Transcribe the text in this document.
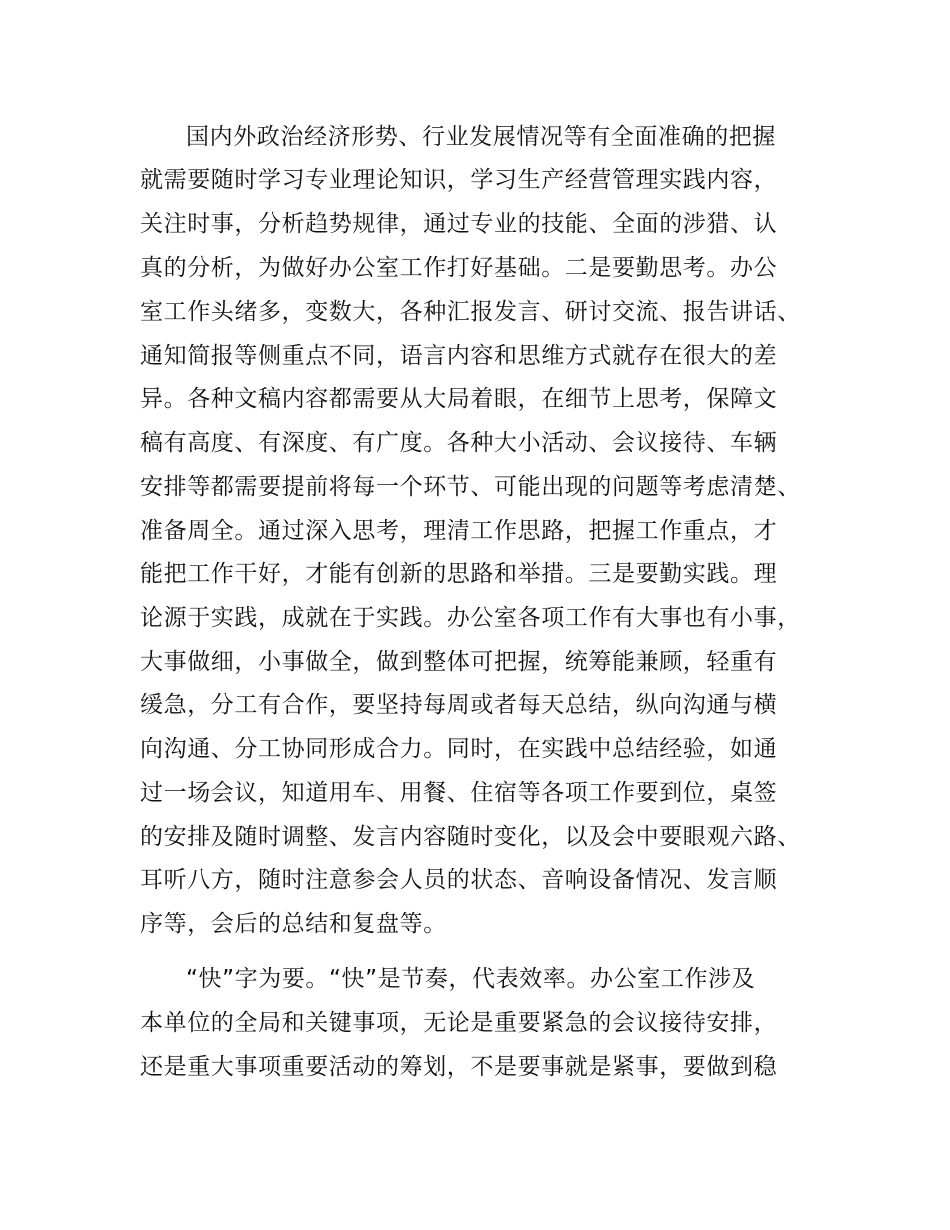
国内外政治经济形势、行业发展情况等有全面准确的把握
就需要随时学习专业理论知识，学习生产经营管理实践内容，
关注时事，分析趋势规律，通过专业的技能、全面的涉猎、认
真的分析，为做好办公室工作打好基础。二是要勤思考。办公
室工作头绪多，变数大，各种汇报发言、研讨交流、报告讲话、
通知简报等侧重点不同，语言内容和思维方式就存在很大的差
异。各种文稿内容都需要从大局着眼，在细节上思考，保障文
稿有高度、有深度、有广度。各种大小活动、会议接待、车辆
安排等都需要提前将每一个环节、可能出现的问题等考虑清楚、
准备周全。通过深入思考，理清工作思路，把握工作重点，才
能把工作干好，才能有创新的思路和举措。三是要勤实践。理
论源于实践，成就在于实践。办公室各项工作有大事也有小事，
大事做细，小事做全，做到整体可把握，统筹能兼顾，轻重有
缓急，分工有合作，要坚持每周或者每天总结，纵向沟通与横
向沟通、分工协同形成合力。同时，在实践中总结经验，如通
过一场会议，知道用车、用餐、住宿等各项工作要到位，桌签
的安排及随时调整、发言内容随时变化，以及会中要眼观六路、
耳听八方，随时注意参会人员的状态、音响设备情况、发言顺
序等，会后的总结和复盘等。
“快”字为要。“快”是节奏，代表效率。办公室工作涉及
本单位的全局和关键事项，无论是重要紧急的会议接待安排，
还是重大事项重要活动的筹划，不是要事就是紧事，要做到稳
